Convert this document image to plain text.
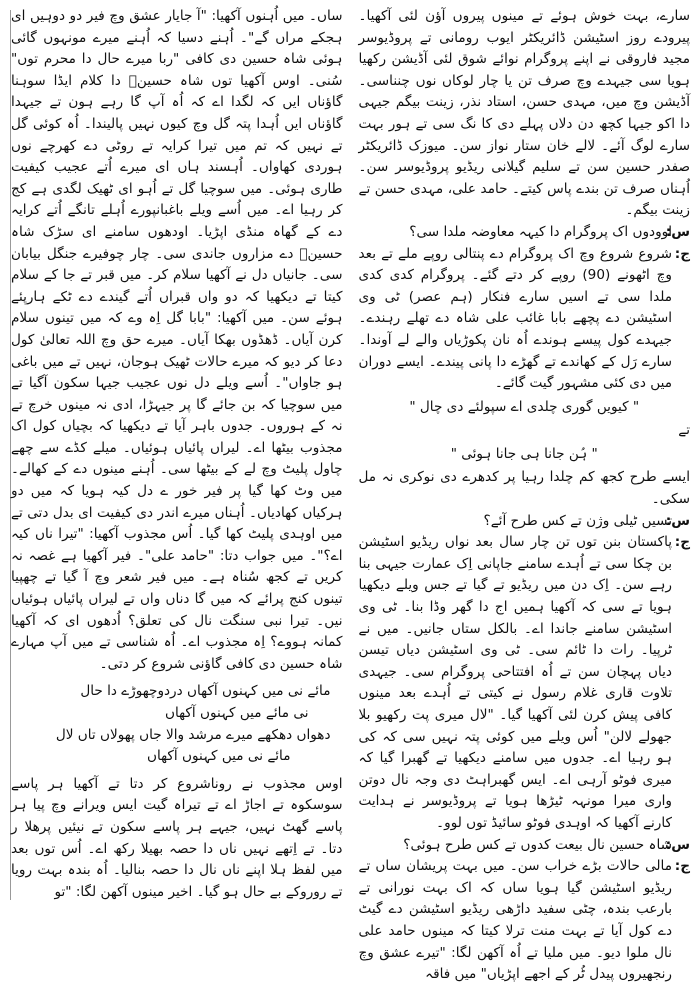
سارے، بہت خوش ہوئے تے مینوں پیروں آؤن لئی آکھیا۔ پیرودے روز اسٹیشن ڈائریکٹر ایوب رومانی تے پروڈیوسر مجید فاروقی نے اپنے پروگرام نوائے شوق لئی آڈیشن رکھیا ہویا سی جیہدے وچ صرف تن یا چار لوکاں نوں چنناسی۔ آڈیشن وچ میں، مہدی حسن، استاد نذر، زینت بیگم جیہی دا اکو جیہا کچھ دن دلاں پہلے دی کا نگ سی تے ہور بہت سارے لوگ آئے۔ لالے خان ستار نواز سن۔ میوزک ڈائریکٹر صفدر حسین سن تے سلیم گیلانی ریڈیو پروڈیوسر سن۔ اُہناں صرف تن بندے پاس کیتے۔ حامد علی، مہدی حسن تے زینت بیگم۔

س:
اوودوں اک پروگرام دا کیہہ معاوضہ ملدا سی؟
ج:
شروع شروع وچ اک پروگرام دے پنتالی روپے ملے تے بعد وچ اٹھونے (90) روپے کر دتے گئے۔ پروگرام کدی کدی ملدا سی تے اسیں سارے فنکار (ہم عصر) ٹی وی اسٹیشن دے پچھے بابا غائب علی شاہ دے تھلے رہندے۔ جیہدے کول پیسے ہوندے اُہ نان پکوڑیاں والے لے آوندا۔ سارے رَل کے کھاندے تے گھڑے دا پانی پیندے۔ ایسے دوران میں دی کئی مشہور گیت گائے۔

" کیویں گوری چلدی اے سپولئے دی چال "

تے

" ہُن جانا ہی جانا ہوئی "

ایسے طرح کجھ کم چلدا رہیا پر کدھرے دی نوکری نہ مل سکی۔

س:
تسیں ٹیلی وژن تے کس طرح آئے؟
ج:
پاکستان بنن توں تن چار سال بعد نواں ریڈیو اسٹیشن بن چکا سی تے اُہدے سامنے جاپانی اِک عمارت جیہی بنا رہے سن۔ اِک دن میں ریڈیو تے گیا تے جس ویلے دیکھیا ہویا تے سی کہ آکھیا ہمیں اج دا گھر وڈا بنا۔ ٹی وی اسٹیشن سامنے جاندا اے۔ بالکل ستاں جانیں۔ میں نے ٹرپیا۔ رات دا ٹائم سی۔ ٹی وی اسٹیشن دیاں تیسن دیاں پہچان سن تے اُہ افتتاحی پروگرام سی۔ جیہدی تلاوت قاری غلام رسول نے کیتی تے اُہدے بعد مینوں کافی پیش کرن لئی آکھیا گیا۔ "لال میری پت رکھیو بلا جھولے لالن" اُس ویلے میں کوئی پتہ نہیں سی کہ کی ہو رہیا اے۔ جدوں میں سامنے دیکھیا تے گھبرا گیا کہ میری فوٹو آرہی اے۔ ایس گھبراہٹ دی وجہ نال دوتن واری میرا مونہہ ٹیڑھا ہویا تے پروڈیوسر نے ہدایت کارنے آکھیا کہ اوہدی فوٹو سائیڈ توں لوو۔
س:
شاہ حسین نال بیعت کدوں تے کس طرح ہوئی؟
ج:
مالی حالات بڑے خراب سن۔ میں بہت پریشان ساں تے ریڈیو اسٹیشن گیا ہویا ساں کہ اک بہت نورانی تے بارعب بندہ، چٹی سفید داڑھی ریڈیو اسٹیشن دے گیٹ دے کول آیا تے بہت منت ترلا کیتا کہ مینوں حامد علی نال ملوا دیو۔ میں ملیا تے اُہ آکھن لگا: "تیرے عشق وچ رنجھیروں پیدل ٹُر کے اجھے اپڑیاں" میں فاقہ

ساں۔ میں اُہنوں آکھیا: "آ جایار عشق وچ فیر دو دوہیں ای ہجکے مراں گے"۔ اُہنے دسیا کہ اُہنے میرے مونہوں گائی ہوئی شاہ حسین دی کافی "ربا میرے حال دا محرم توں" سُنی۔ اوس آکھیا توں شاہ حسینؒ دا کلام ایڈا سوہنا گاؤناں ایں کہ لگدا اے کہ اُہ آپ گا رہے ہون تے جیہدا گاؤناں ایں اُہدا پتہ گل وچ کیوں نہیں پالیندا۔ اُہ کوئی گل تے نہیں کہ تم میں تیرا کرایہ تے روٹی دے کھرچے نوں ہوردی کھاواں۔ اُہسند ہاں ای میرے اُتے عجیب کیفیت طاری ہوئی۔ میں سوچیا گل تے اُہو ای ٹھیک لگدی ہے کج کر رہیا اے۔ میں اُسے ویلے باغبانپورے اُہلے تانگے اُتے کرایہ دے کے گھاہ منڈی اپڑیا۔ اودھوں سامنے ای سڑک شاہ حسینؒ دے مزاروں جاندی سی۔ چار چوفیرے جنگل بیابان سی۔ جانیاں دل نے آکھیا سلام کر۔ میں قبر تے جا کے سلام کیتا تے دیکھیا کہ دو واں قبراں اُتے گیندے دے ٹکے ہارپئے ہوئے سن۔ میں آکھیا: "بابا گل اِہ وے کہ میں تینوں سلام کرن آیاں۔ ڈھڈوں بھکا آیاں۔ میرے حق وچ اللہ تعالیٰ کول دعا کر دیو کہ میرے حالات ٹھیک ہوجان، نہیں تے میں باغی ہو جاواں"۔ اُسے ویلے دل نوں عجیب جیہا سکون آگیا تے میں سوچیا کہ بن جائے گا پر جیہڑا، ادی نہ مینوں خرچ تے نہ کے ہوروں۔ جدوں باہر آیا تے دیکھیا کہ بچیاں کول اک مجذوب بیٹھا اے۔ لیراں پائیاں ہوئیاں۔ میلے کڈے سے چھے چاول پلیٹ وچ لے کے بیٹھا سی۔ اُہنے مینوں دے کے کھالے۔ میں وٹ کھا گیا پر فیر خور ے دل کیہ ہویا کہ میں دو ہرکیاں کھادیاں۔ اُہناں میرے اندر دی کیفیت ای بدل دتی تے میں اوہدی پلیٹ کھا گیا۔ اُس مجذوب آکھیا: "تیرا ناں کیہ اے؟"۔ میں جواب دتا: "حامد علی"۔ فیر آکھیا ہے غصہ نہ کریں تے کجھ سُناہ ہے۔ میں فیر شعر وچ آ گیا تے چھپیا تینوں کنج پرائے کہ میں گا دناں واں تے لیراں پائیاں ہوئیاں نیں۔ تیرا نبی سنگت نال کی تعلق؟ اُدھوں ای کہ آکھیا کمانہ ہووے؟ اِہ مجذوب اے۔ اُہ شناسی تے میں آپ مہارے شاہ حسین دی کافی گاؤنی شروع کر دتی۔

مائے نی میں کہنوں آکھاں دردوچھوڑے دا حال
نی مائے میں کہنوں آکھاں
دھواں دھکھے میرے مرشد والا جاں پھولاں تاں لال
مائے نی میں کہنوں آکھاں

اوس مجذوب نے روناشروع کر دتا تے آکھیا ہر پاسے سوسکوہ تے اجاڑ اے تے تیراہ گیت ایس ویرانے وچ پیا ہر پاسے گھٹ نہیں، جیہے ہر پاسے سکون تے نیئیں پرھلا ر دتا۔ تے اِتھے نہیں ناں دا حصہ بھیلا رکھ اے۔ اُس توں بعد میں لفظ ہلا اپنے ناں نال دا حصہ بنالیا۔ اُہ بندہ بہت رویا تے روروکے بے حال ہو گیا۔ اخیر مینوں آکھن لگا: "تو
